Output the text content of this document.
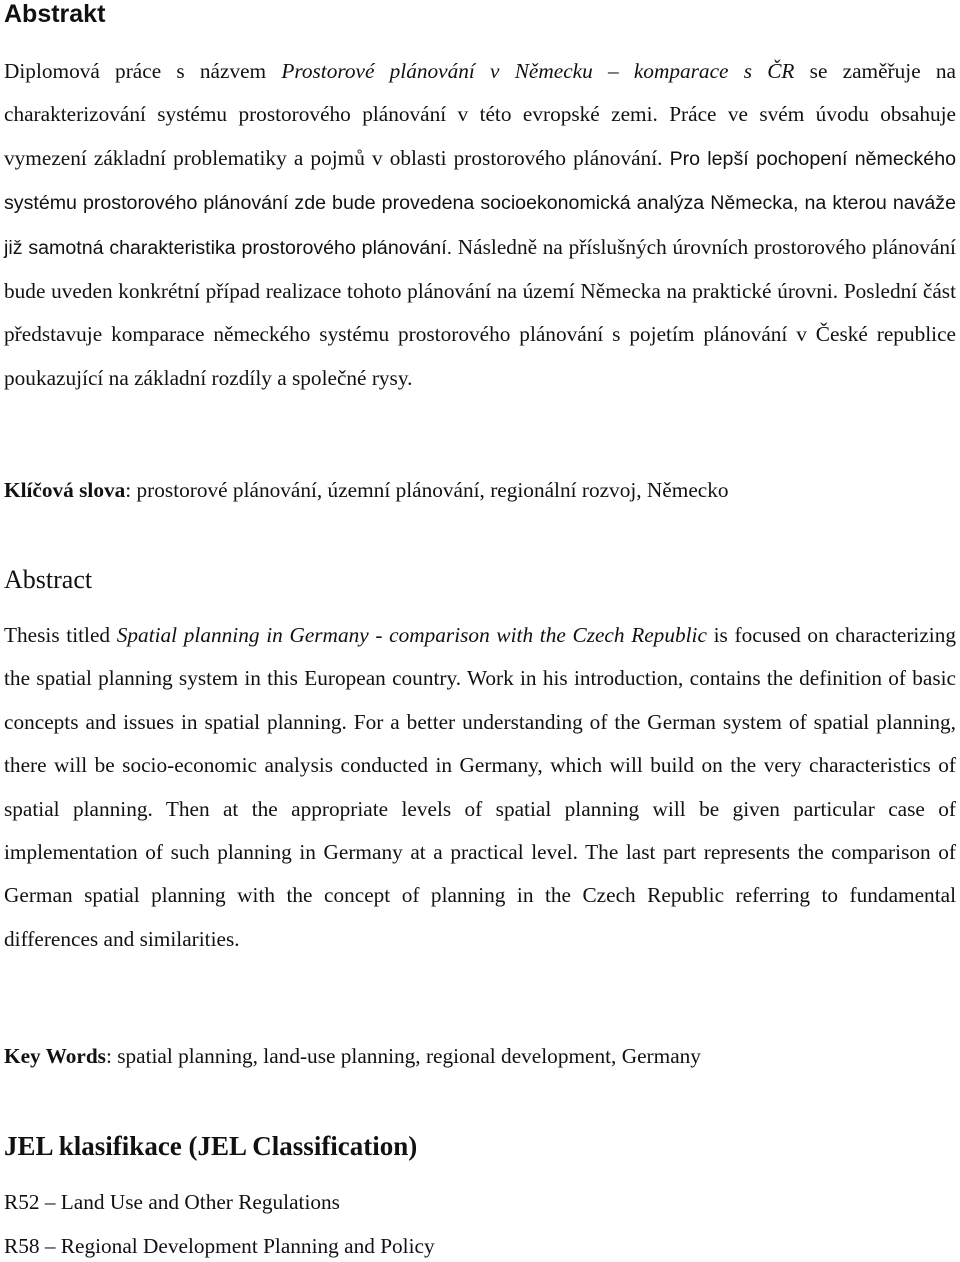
Abstrakt

Diplomová práce s názvem Prostorové plánování v Německu – komparace s ČR se zaměřuje na charakterizování systému prostorového plánování v této evropské zemi. Práce ve svém úvodu obsahuje vymezení základní problematiky a pojmů v oblasti prostorového plánování. Pro lepší pochopení německého systému prostorového plánování zde bude provedena socioekonomická analýza Německa, na kterou naváže již samotná charakteristika prostorového plánování. Následně na příslušných úrovních prostorového plánování bude uveden konkrétní případ realizace tohoto plánování na území Německa na praktické úrovni. Poslední část představuje komparace německého systému prostorového plánování s pojetím plánování v České republice poukazující na základní rozdíly a společné rysy.

Klíčová slova: prostorové plánování, územní plánování, regionální rozvoj, Německo

Abstract

Thesis titled Spatial planning in Germany - comparison with the Czech Republic is focused on characterizing the spatial planning system in this European country. Work in his introduction, contains the definition of basic concepts and issues in spatial planning. For a better understanding of the German system of spatial planning, there will be socio-economic analysis conducted in Germany, which will build on the very characteristics of spatial planning. Then at the appropriate levels of spatial planning will be given particular case of implementation of such planning in Germany at a practical level. The last part represents the comparison of German spatial planning with the concept of planning in the Czech Republic referring to fundamental differences and similarities.

Key Words: spatial planning, land-use planning, regional development, Germany

JEL klasifikace (JEL Classification)

R52 – Land Use and Other Regulations

R58 – Regional Development Planning and Policy
